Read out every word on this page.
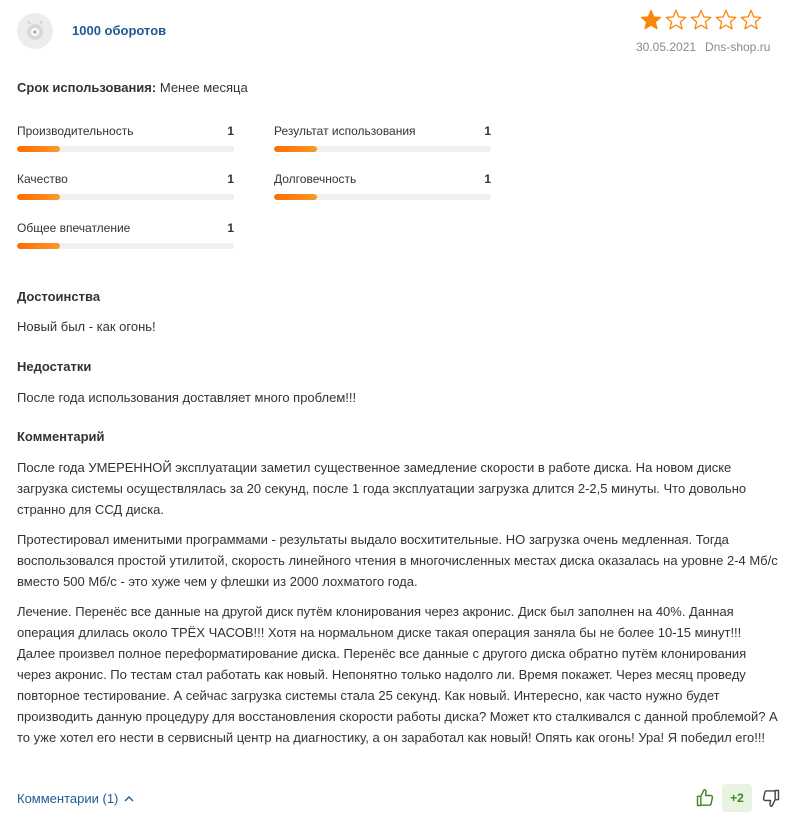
1000 оборотов
30.05.2021 Dns-shop.ru
Срок использования: Менее месяца
Производительность	1	Результат использования	1
Качество	1	Долговечность	1
Общее впечатление	1
Достоинства
Новый был - как огонь!
Недостатки
После года использования доставляет много проблем!!!
Комментарий
После года УМЕРЕННОЙ эксплуатации заметил существенное замедление скорости в работе диска. На новом диске загрузка системы осуществлялась за 20 секунд, после 1 года эксплуатации загрузка длится 2-2,5 минуты. Что довольно странно для ССД диска.
Протестировал именитыми программами - результаты выдало восхитительные. НО загрузка очень медленная. Тогда воспользовался простой утилитой, скорость линейного чтения в многочисленных местах диска оказалась на уровне 2-4 Мб/с вместо 500 Мб/с - это хуже чем у флешки из 2000 лохматого года.
Лечение. Перенёс все данные на другой диск путём клонирования через акронис. Диск был заполнен на 40%. Данная операция длилась около ТРЁХ ЧАСОВ!!! Хотя на нормальном диске такая операция заняла бы не более 10-15 минут!!! Далее произвел полное переформатирование диска. Перенёс все данные с другого диска обратно путём клонирования через акронис. По тестам стал работать как новый. Непонятно только надолго ли. Время покажет. Через месяц проведу повторное тестирование. А сейчас загрузка системы стала 25 секунд. Как новый. Интересно, как часто нужно будет производить данную процедуру для восстановления скорости работы диска? Может кто сталкивался с данной проблемой? А то уже хотел его нести в сервисный центр на диагностику, а он заработал как новый! Опять как огонь! Ура! Я победил его!!!
Комментарии (1)	+2
